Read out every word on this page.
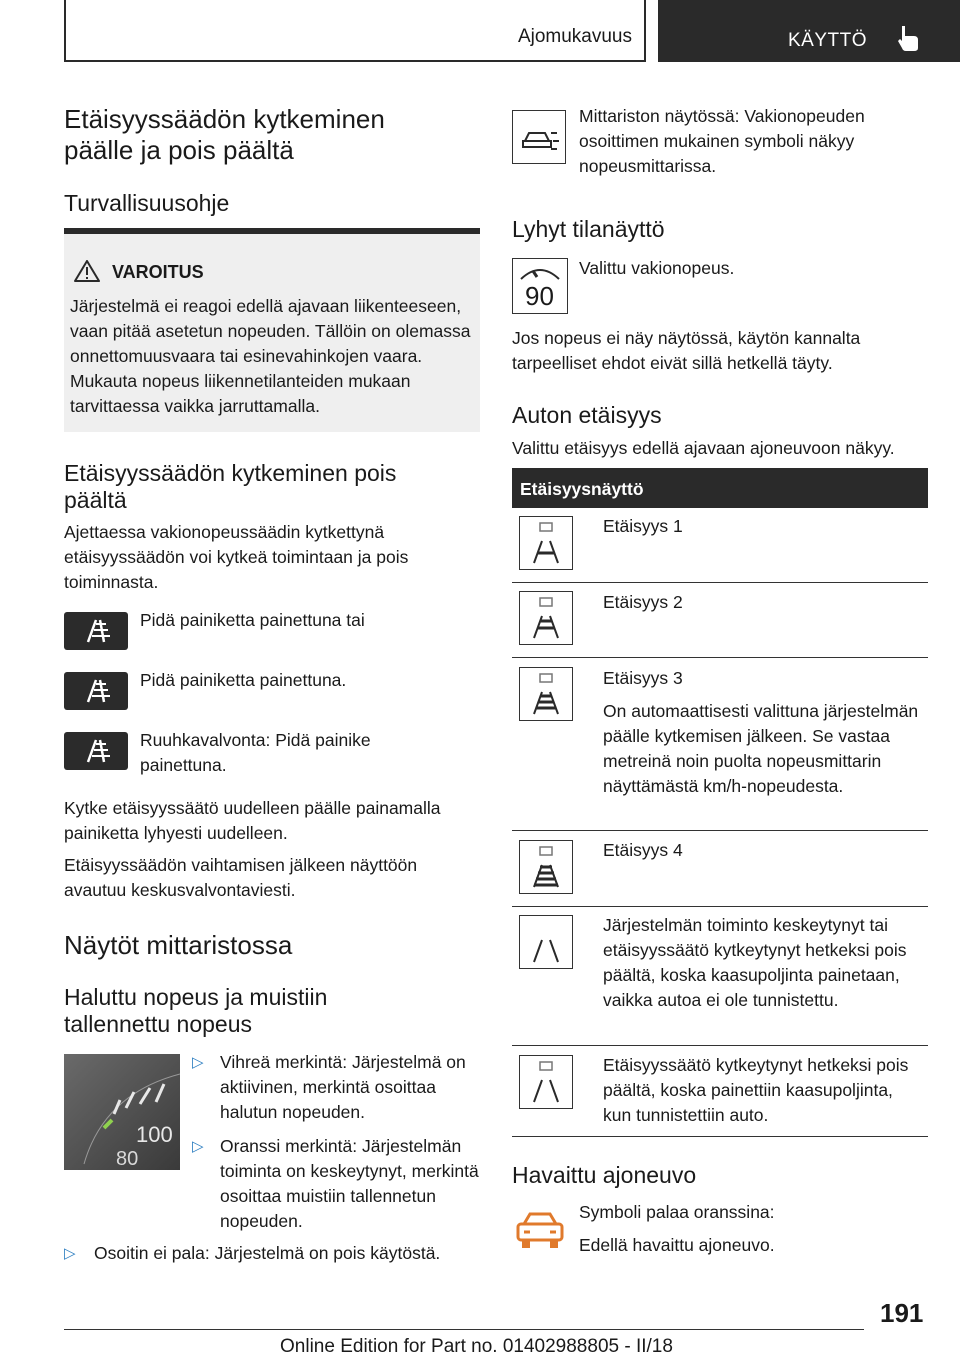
Ajomukavuus	KÄYTTÖ
Etäisyyssäädön kytkeminen
päälle ja pois päältä
Turvallisuusohje
VAROITUS
Järjestelmä ei reagoi edellä ajavaan liikenteeseen, vaan pitää asetetun nopeuden. Tällöin on olemassa onnettomuusvaara tai esinevahinkojen vaara. Mukauta nopeus liikennetilanteiden mukaan tarvittaessa vaikka jarruttamalla.
Etäisyyssäädön kytkeminen pois
päältä
Ajettaessa vakionopeussäädin kytkettynä etäisyyssäädön voi kytkeä toimintaan ja pois toiminnasta.
Pidä painiketta painettuna tai
Pidä painiketta painettuna.
Ruuhkavalvonta: Pidä painike painettuna.
Kytke etäisyyssäätö uudelleen päälle painamalla painiketta lyhyesti uudelleen.
Etäisyyssäädön vaihtamisen jälkeen näyttöön avautuu keskusvalvontaviesti.
Näytöt mittaristossa
Haluttu nopeus ja muistiin
tallennettu nopeus
100
80
▷ Vihreä merkintä: Järjestelmä on aktiivinen, merkintä osoittaa halutun nopeuden.
▷ Oranssi merkintä: Järjestelmän toiminta on keskeytynyt, merkintä osoittaa muistiin tallennetun nopeuden.
▷ Osoitin ei pala: Järjestelmä on pois käytöstä.
Mittariston näytössä: Vakionopeuden osoittimen mukainen symboli näkyy nopeusmittarissa.
Lyhyt tilanäyttö
90
Valittu vakionopeus.
Jos nopeus ei näy näytössä, käytön kannalta tarpeelliset ehdot eivät sillä hetkellä täyty.
Auton etäisyys
Valittu etäisyys edellä ajavaan ajoneuvoon näkyy.
Etäisyysnäyttö
Etäisyys 1
Etäisyys 2
Etäisyys 3
On automaattisesti valittuna järjestelmän päälle kytkemisen jälkeen. Se vastaa metreinä noin puolta nopeusmittarin näyttämästä km/h-nopeudesta.
Etäisyys 4
Järjestelmän toiminto keskeytynyt tai etäisyyssäätö kytkeytynyt hetkeksi pois päältä, koska kaasupoljinta painetaan, vaikka autoa ei ole tunnistettu.
Etäisyyssäätö kytkeytynyt hetkeksi pois päältä, koska painettiin kaasupoljinta, kun tunnistettiin auto.
Havaittu ajoneuvo
Symboli palaa oranssina:
Edellä havaittu ajoneuvo.
191
Online Edition for Part no. 01402988805 - II/18
